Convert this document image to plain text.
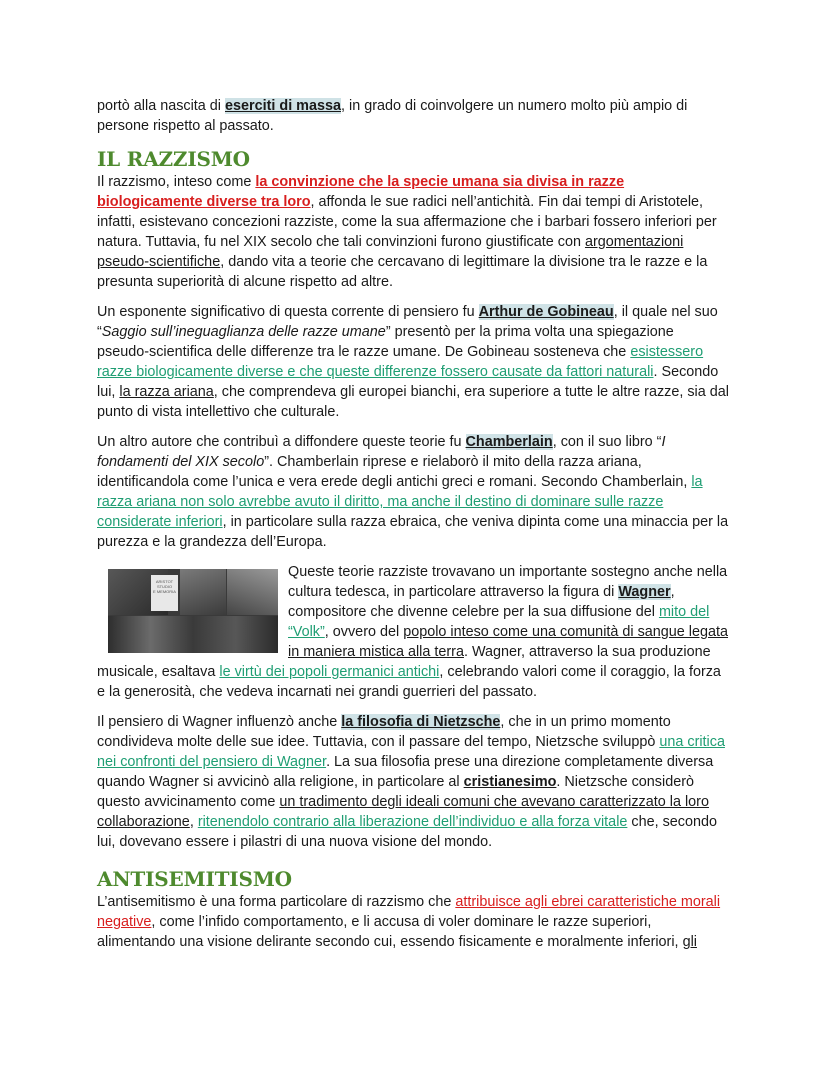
portò alla nascita di eserciti di massa, in grado di coinvolgere un numero molto più ampio di persone rispetto al passato.

IL RAZZISMO

Il razzismo, inteso come la convinzione che la specie umana sia divisa in razze biologicamente diverse tra loro, affonda le sue radici nell’antichità. Fin dai tempi di Aristotele, infatti, esistevano concezioni razziste, come la sua affermazione che i barbari fossero inferiori per natura. Tuttavia, fu nel XIX secolo che tali convinzioni furono giustificate con argomentazioni pseudo-scientifiche, dando vita a teorie che cercavano di legittimare la divisione tra le razze e la presunta superiorità di alcune rispetto ad altre.

Un esponente significativo di questa corrente di pensiero fu Arthur de Gobineau, il quale nel suo “Saggio sull’ineguaglianza delle razze umane” presentò per la prima volta una spiegazione pseudo-scientifica delle differenze tra le razze umane. De Gobineau sosteneva che esistessero razze biologicamente diverse e che queste differenze fossero causate da fattori naturali. Secondo lui, la razza ariana, che comprendeva gli europei bianchi, era superiore a tutte le altre razze, sia dal punto di vista intellettivo che culturale.

Un altro autore che contribuì a diffondere queste teorie fu Chamberlain, con il suo libro “I fondamenti del XIX secolo”. Chamberlain riprese e rielaborò il mito della razza ariana, identificandola come l’unica e vera erede degli antichi greci e romani. Secondo Chamberlain, la razza ariana non solo avrebbe avuto il diritto, ma anche il destino di dominare sulle razze considerate inferiori, in particolare sulla razza ebraica, che veniva dipinta come una minaccia per la purezza e la grandezza dell’Europa.

ARISTOT
STUDIO
E MEMORIA
Queste teorie razziste trovavano un importante sostegno anche nella cultura tedesca, in particolare attraverso la figura di Wagner, compositore che divenne celebre per la sua diffusione del mito del “Volk”, ovvero del popolo inteso come una comunità di sangue legata in maniera mistica alla terra. Wagner, attraverso la sua produzione musicale, esaltava le virtù dei popoli germanici antichi, celebrando valori come il coraggio, la forza e la generosità, che vedeva incarnati nei grandi guerrieri del passato.

Il pensiero di Wagner influenzò anche la filosofia di Nietzsche, che in un primo momento condivideva molte delle sue idee. Tuttavia, con il passare del tempo, Nietzsche sviluppò una critica nei confronti del pensiero di Wagner. La sua filosofia prese una direzione completamente diversa quando Wagner si avvicinò alla religione, in particolare al cristianesimo. Nietzsche considerò questo avvicinamento come un tradimento degli ideali comuni che avevano caratterizzato la loro collaborazione, ritenendolo contrario alla liberazione dell’individuo e alla forza vitale che, secondo lui, dovevano essere i pilastri di una nuova visione del mondo.

ANTISEMITISMO

L’antisemitismo è una forma particolare di razzismo che attribuisce agli ebrei caratteristiche morali negative, come l’infido comportamento, e li accusa di voler dominare le razze superiori, alimentando una visione delirante secondo cui, essendo fisicamente e moralmente inferiori, gli
